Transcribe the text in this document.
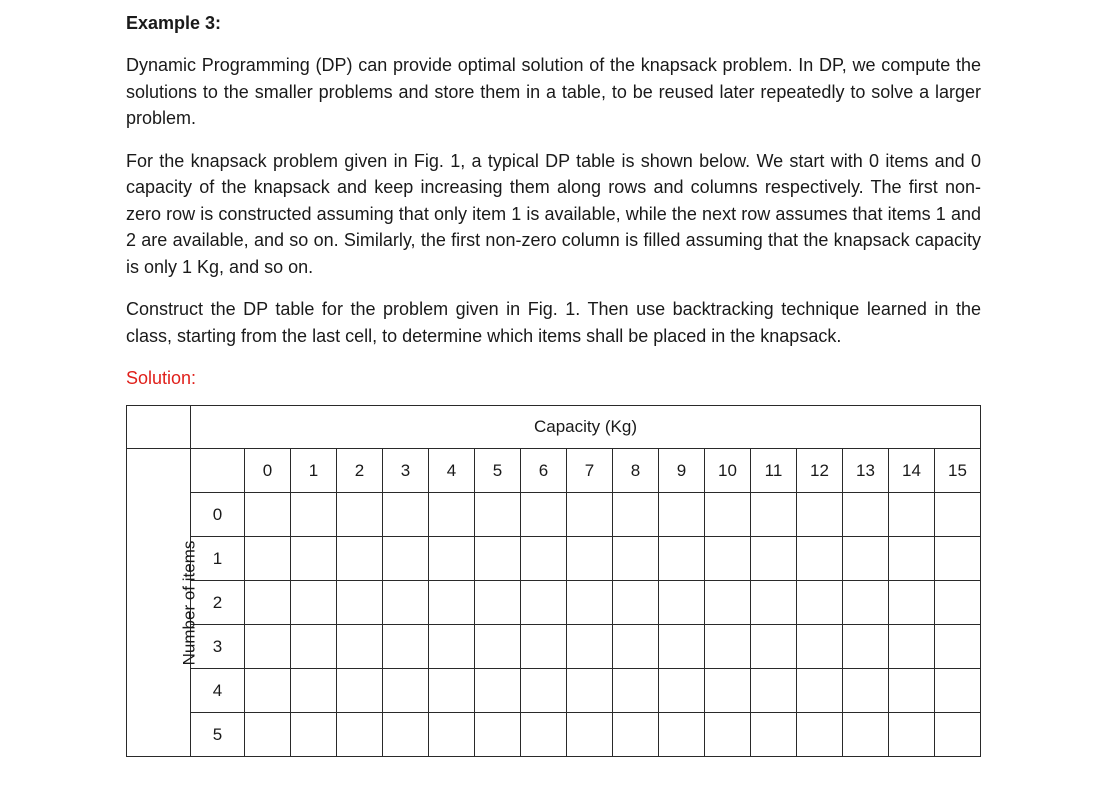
Example 3:

Dynamic Programming (DP) can provide optimal solution of the knapsack problem. In DP, we compute the solutions to the smaller problems and store them in a table, to be reused later repeatedly to solve a larger problem.

For the knapsack problem given in Fig. 1, a typical DP table is shown below. We start with 0 items and 0 capacity of the knapsack and keep increasing them along rows and columns respectively. The first non-zero row is constructed assuming that only item 1 is available, while the next row assumes that items 1 and 2 are available, and so on. Similarly, the first non-zero column is filled assuming that the knapsack capacity is only 1 Kg, and so on.

Construct the DP table for the problem given in Fig. 1. Then use backtracking technique learned in the class, starting from the last cell, to determine which items shall be placed in the knapsack.

Solution:
	Capacity (Kg)																
Number of items		0	1	2	3	4	5	6	7	8	9	10	11	12	13	14	15
	0																
	1																
	2																
	3																
	4																
	5																
